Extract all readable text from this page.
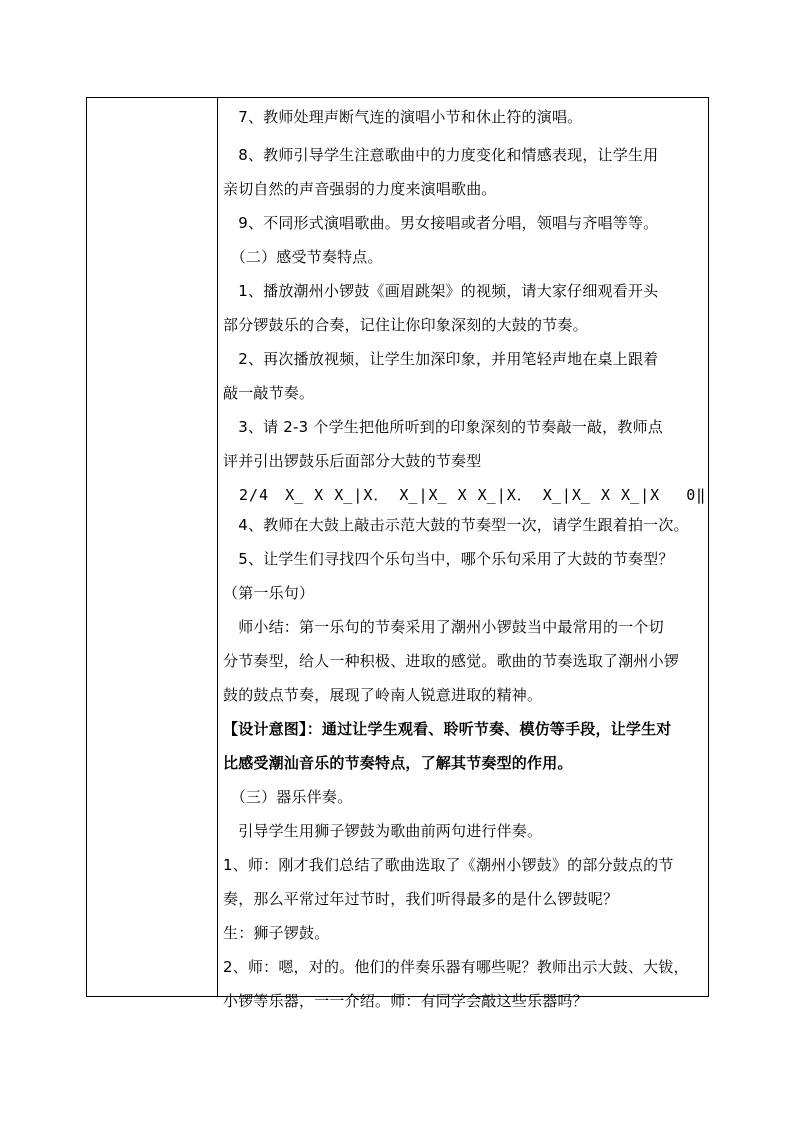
　7、教师处理声断气连的演唱小节和休止符的演唱。
　8、教师引导学生注意歌曲中的力度变化和情感表现，让学生用
亲切自然的声音强弱的力度来演唱歌曲。
　9、不同形式演唱歌曲。男女接唱或者分唱，领唱与齐唱等等。
　（二）感受节奏特点。
　1、播放潮州小锣鼓《画眉跳架》的视频，请大家仔细观看开头
部分锣鼓乐的合奏，记住让你印象深刻的大鼓的节奏。
　2、再次播放视频，让学生加深印象，并用笔轻声地在桌上跟着
敲一敲节奏。
　3、请 2-3 个学生把他所听到的印象深刻的节奏敲一敲，教师点
评并引出锣鼓乐后面部分大鼓的节奏型
2/4　X̲ X X̲|X． X̲|X̲ X X̲|X． X̲|X̲ X X̲|X　 0‖
　4、教师在大鼓上敲击示范大鼓的节奏型一次，请学生跟着拍一次。
　5、让学生们寻找四个乐句当中，哪个乐句采用了大鼓的节奏型？
（第一乐句）
　师小结：第一乐句的节奏采用了潮州小锣鼓当中最常用的一个切
分节奏型，给人一种积极、进取的感觉。歌曲的节奏选取了潮州小锣
鼓的鼓点节奏，展现了岭南人锐意进取的精神。
【设计意图】：通过让学生观看、聆听节奏、模仿等手段，让学生对
比感受潮汕音乐的节奏特点，了解其节奏型的作用。
　（三）器乐伴奏。
　引导学生用狮子锣鼓为歌曲前两句进行伴奏。
1、师：刚才我们总结了歌曲选取了《潮州小锣鼓》的部分鼓点的节
奏，那么平常过年过节时，我们听得最多的是什么锣鼓呢？
生：狮子锣鼓。
2、师：嗯，对的。他们的伴奏乐器有哪些呢？教师出示大鼓、大钹，
小锣等乐器，一一介绍。师：有同学会敲这些乐器吗？
